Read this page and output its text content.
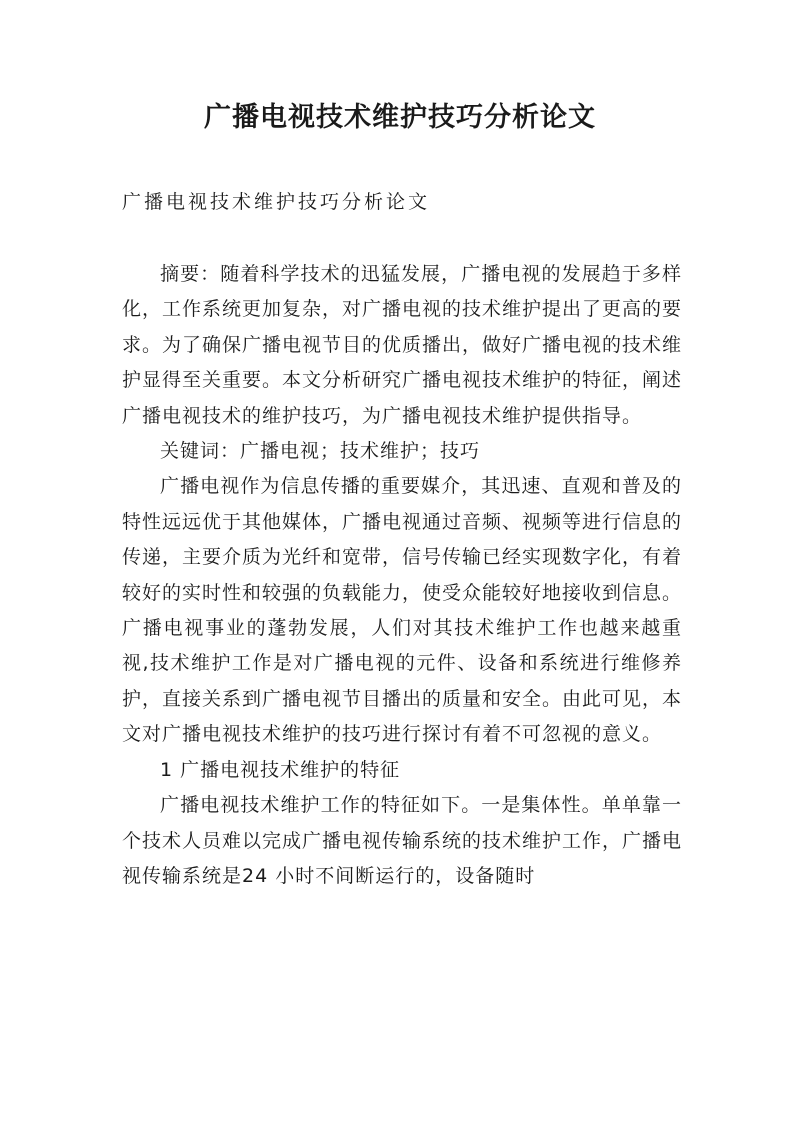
广播电视技术维护技巧分析论文
广播电视技术维护技巧分析论文

摘要：随着科学技术的迅猛发展，广播电视的发展趋于多样化，工作系统更加复杂，对广播电视的技术维护提出了更高的要求。为了确保广播电视节目的优质播出，做好广播电视的技术维护显得至关重要。本文分析研究广播电视技术维护的特征，阐述广播电视技术的维护技巧，为广播电视技术维护提供指导。

关键词：广播电视；技术维护；技巧

广播电视作为信息传播的重要媒介，其迅速、直观和普及的特性远远优于其他媒体，广播电视通过音频、视频等进行信息的传递，主要介质为光纤和宽带，信号传输已经实现数字化，有着较好的实时性和较强的负载能力，使受众能较好地接收到信息。广播电视事业的蓬勃发展，人们对其技术维护工作也越来越重视,技术维护工作是对广播电视的元件、设备和系统进行维修养护，直接关系到广播电视节目播出的质量和安全。由此可见，本文对广播电视技术维护的技巧进行探讨有着不可忽视的意义。

1 广播电视技术维护的特征

广播电视技术维护工作的特征如下。一是集体性。单单靠一个技术人员难以完成广播电视传输系统的技术维护工作，广播电视传输系统是24 小时不间断运行的，设备随时
